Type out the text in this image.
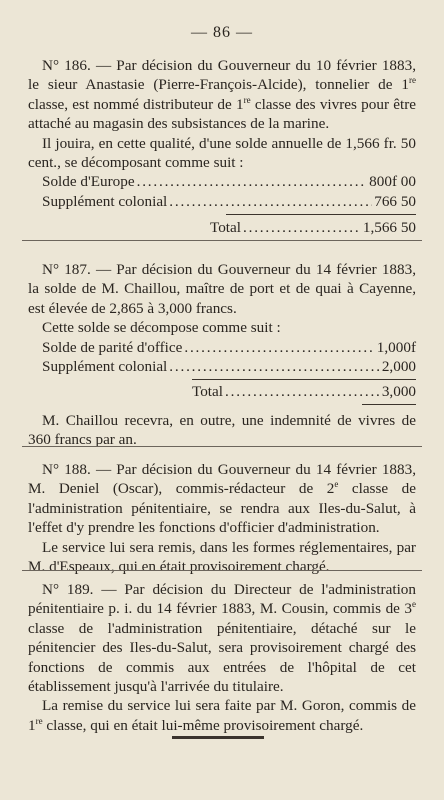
— 86 —

N° 186. — Par décision du Gouverneur du 10 février 1883, le sieur Anastasie (Pierre-François-Alcide), tonnelier de 1re classe, est nommé distributeur de 1re classe des vivres pour être attaché au magasin des subsistances de la marine.

Il jouira, en cette qualité, d'une solde annuelle de 1,566 fr. 50 cent., se décomposant comme suit :

Solde d'Europe . . .	800f 00
Supplément colonial . . .	766 50
Total . . .	1,566 50

N° 187. — Par décision du Gouverneur du 14 février 1883, la solde de M. Chaillou, maître de port et de quai à Cayenne, est élevée de 2,865 à 3,000 francs.

Cette solde se décompose comme suit :

Solde de parité d'office . . .	1,000f
Supplément colonial . . .	2,000
Total . . .	3,000

M. Chaillou recevra, en outre, une indemnité de vivres de 360 francs par an.

N° 188. — Par décision du Gouverneur du 14 février 1883, M. Deniel (Oscar), commis-rédacteur de 2e classe de l'administration pénitentiaire, se rendra aux Iles-du-Salut, à l'effet d'y prendre les fonctions d'officier d'administration.

Le service lui sera remis, dans les formes réglementaires, par M. d'Espeaux, qui en était provisoirement chargé.

N° 189. — Par décision du Directeur de l'administration pénitentiaire p. i. du 14 février 1883, M. Cousin, commis de 3e classe de l'administration pénitentiaire, détaché sur le pénitencier des Iles-du-Salut, sera provisoirement chargé des fonctions de commis aux entrées de l'hôpital de cet établissement jusqu'à l'arrivée du titulaire.

La remise du service lui sera faite par M. Goron, commis de 1re classe, qui en était lui-même provisoirement chargé.
